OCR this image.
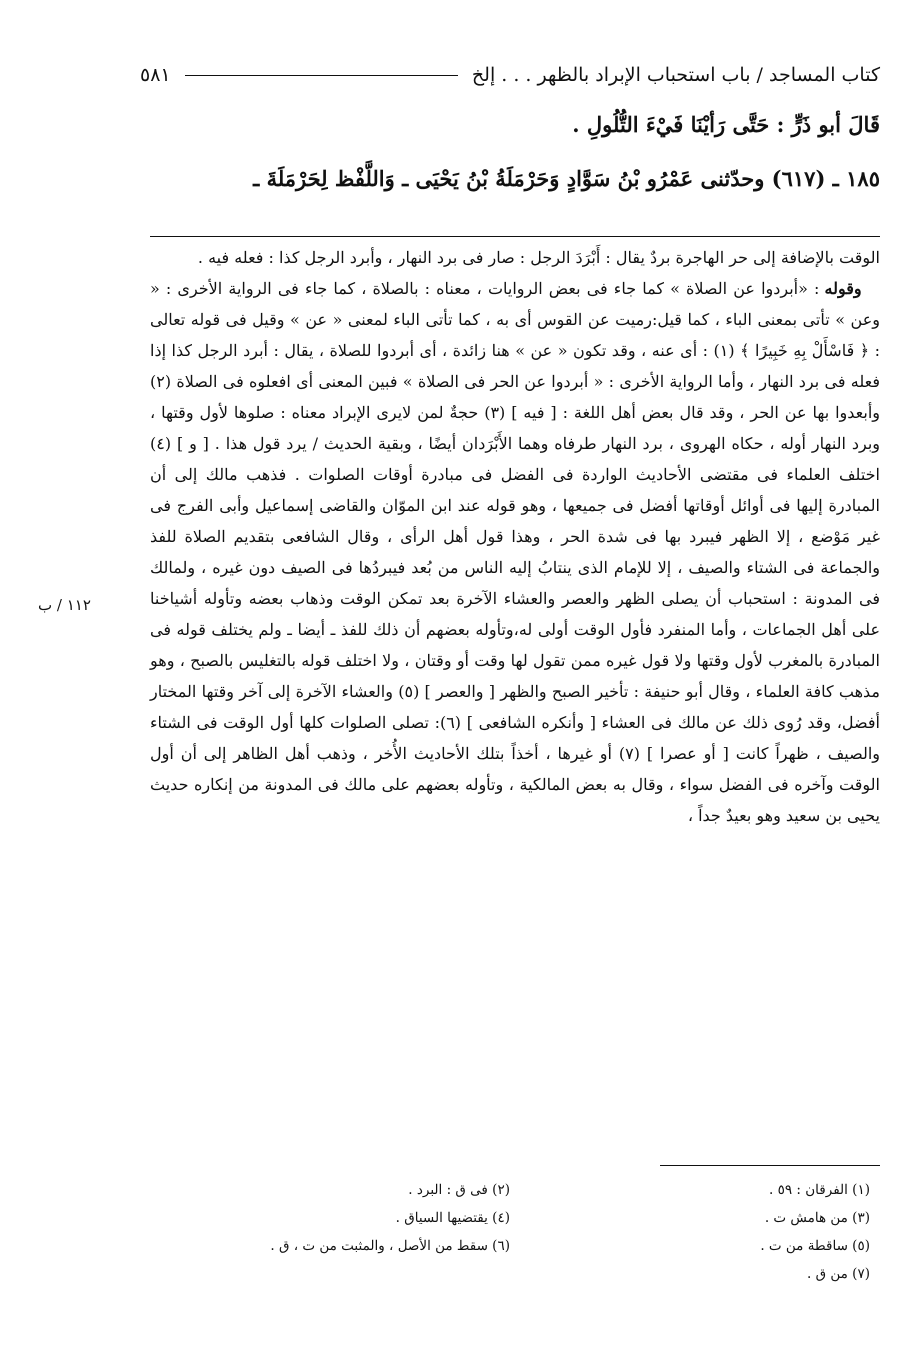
كتاب المساجد / باب استحباب الإبراد بالظهر . . . إلخ
٥٨١
قَالَ أبو ذَرٍّ : حَتَّى رَأيْنَا فَيْءَ التُّلُولِ .
١٨٥ ـ (٦١٧) وحدّثنى عَمْرُو بْنُ سَوَّادٍ وَحَرْمَلَةُ بْنُ يَحْيَى ـ وَاللَّفْظ لِحَرْمَلَةَ ـ

الوقت بالإضافة إلى حر الهاجرة بردٌ يقال : أَبْرَدَ الرجل : صار فى برد النهار ، وأبرد الرجل كذا : فعله فيه .

وقوله : «أبردوا عن الصلاة » كما جاء فى بعض الروايات ، معناه : بالصلاة ، كما جاء فى الرواية الأخرى : « وعن » تأتى بمعنى الباء ، كما قيل:رميت عن القوس أى به ، كما تأتى الباء لمعنى « عن » وقيل فى قوله تعالى : ﴿ فَاسْأَلْ بِهِ خَبِيرًا ﴾ (١) : أى عنه ، وقد تكون « عن » هنا زائدة ، أى أبردوا للصلاة ، يقال : أبرد الرجل كذا إذا فعله فى برد النهار ، وأما الرواية الأخرى : « أبردوا عن الحر فى الصلاة » فبين المعنى أى افعلوه فى الصلاة (٢) وأبعدوا بها عن الحر ، وقد قال بعض أهل اللغة : [ فيه ] (٣) حجةٌ لمن لايرى الإبراد معناه : صلوها لأول وقتها ، وبرد النهار أوله ، حكاه الهروى ، برد النهار طرفاه وهما الأَبْرَدان أيضًا ، وبقية الحديث / يرد قول هذا . [ و ] (٤) اختلف العلماء فى مقتضى الأحاديث الواردة فى الفضل فى مبادرة أوقات الصلوات . فذهب مالك إلى أن المبادرة إليها فى أوائل أوقاتها أفضل فى جميعها ، وهو قوله عند ابن الموّان والقاضى إسماعيل وأبى الفرج فى غير مَوْضع ، إلا الظهر فيبرد بها فى شدة الحر ، وهذا قول أهل الرأى ، وقال الشافعى بتقديم الصلاة للفذ والجماعة فى الشتاء والصيف ، إلا للإمام الذى ينتابُ إليه الناس من بُعد فيبردُها فى الصيف دون غيره ، ولمالك فى المدونة : استحباب أن يصلى الظهر والعصر والعشاء الآخرة بعد تمكن الوقت وذهاب بعضه وتأوله أشياخنا على أهل الجماعات ، وأما المنفرد فأول الوقت أولى له،وتأوله بعضهم أن ذلك للفذ ـ أيضا ـ ولم يختلف قوله فى المبادرة بالمغرب لأول وقتها ولا قول غيره ممن تقول لها وقت أو وقتان ، ولا اختلف قوله بالتغليس بالصبح ، وهو مذهب كافة العلماء ، وقال أبو حنيفة : تأخير الصبح والظهر [ والعصر ] (٥) والعشاء الآخرة إلى آخر وقتها المختار أفضل، وقد رُوى ذلك عن مالك فى العشاء [ وأنكره الشافعى ] (٦): تصلى الصلوات كلها أول الوقت فى الشتاء والصيف ، ظهراً كانت [ أو عصرا ] (٧) أو غيرها ، أخذاً بتلك الأحاديث الأُخر ، وذهب أهل الظاهر إلى أن أول الوقت وآخره فى الفضل سواء ، وقال به بعض المالكية ، وتأوله بعضهم على مالك فى المدونة من إنكاره حديث يحيى بن سعيد وهو بعيدٌ جداً ،

١١٢ / ب
(١) الفرقان : ٥٩ .
(٢) فى ق : البرد .
(٣) من هامش ت .
(٤) يقتضيها السياق .
(٥) ساقطة من ت .
(٦) سقط من الأصل ، والمثبت من ت ، ق .
(٧) من ق .
